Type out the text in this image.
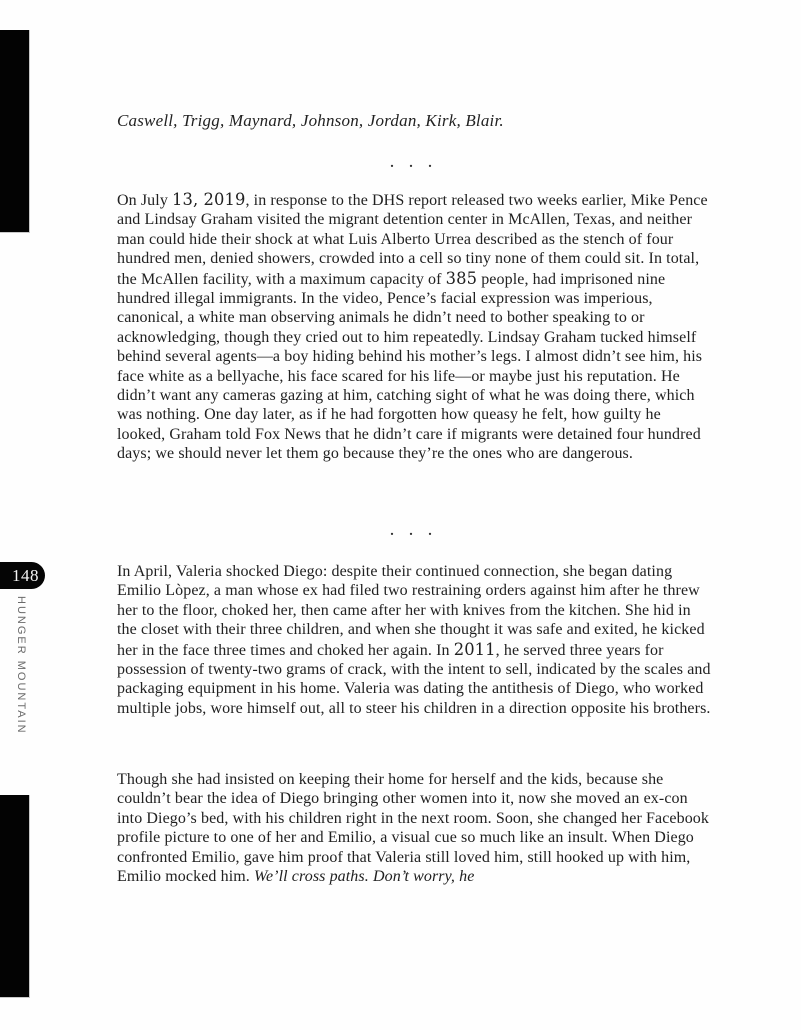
148
HUNGER MOUNTAIN
Caswell, Trigg, Maynard, Johnson, Jordan, Kirk, Blair.
. . .
On July 13, 2019, in response to the DHS report released two weeks earlier, Mike Pence and Lindsay Graham visited the migrant detention center in McAllen, Texas, and neither man could hide their shock at what Luis Alberto Urrea described as the stench of four hundred men, denied showers, crowded into a cell so tiny none of them could sit. In total, the McAllen facility, with a maximum capacity of 385 people, had imprisoned nine hundred illegal immigrants. In the video, Pence’s facial expression was imperious, canonical, a white man observing animals he didn’t need to bother speaking to or acknowledging, though they cried out to him repeatedly. Lindsay Graham tucked himself behind several agents—a boy hiding behind his mother’s legs. I almost didn’t see him, his face white as a bellyache, his face scared for his life—or maybe just his reputation. He didn’t want any cameras gazing at him, catching sight of what he was doing there, which was nothing. One day later, as if he had forgotten how queasy he felt, how guilty he looked, Graham told Fox News that he didn’t care if migrants were detained four hundred days; we should never let them go because they’re the ones who are dangerous.
. . .
In April, Valeria shocked Diego: despite their continued connection, she began dating Emilio Lòpez, a man whose ex had filed two restraining orders against him after he threw her to the floor, choked her, then came after her with knives from the kitchen. She hid in the closet with their three children, and when she thought it was safe and exited, he kicked her in the face three times and choked her again. In 2011, he served three years for possession of twenty-two grams of crack, with the intent to sell, indicated by the scales and packaging equipment in his home. Valeria was dating the antithesis of Diego, who worked multiple jobs, wore himself out, all to steer his children in a direction opposite his brothers.
Though she had insisted on keeping their home for herself and the kids, because she couldn’t bear the idea of Diego bringing other women into it, now she moved an ex-con into Diego’s bed, with his children right in the next room. Soon, she changed her Facebook profile picture to one of her and Emilio, a visual cue so much like an insult. When Diego confronted Emilio, gave him proof that Valeria still loved him, still hooked up with him, Emilio mocked him. We’ll cross paths. Don’t worry, he
